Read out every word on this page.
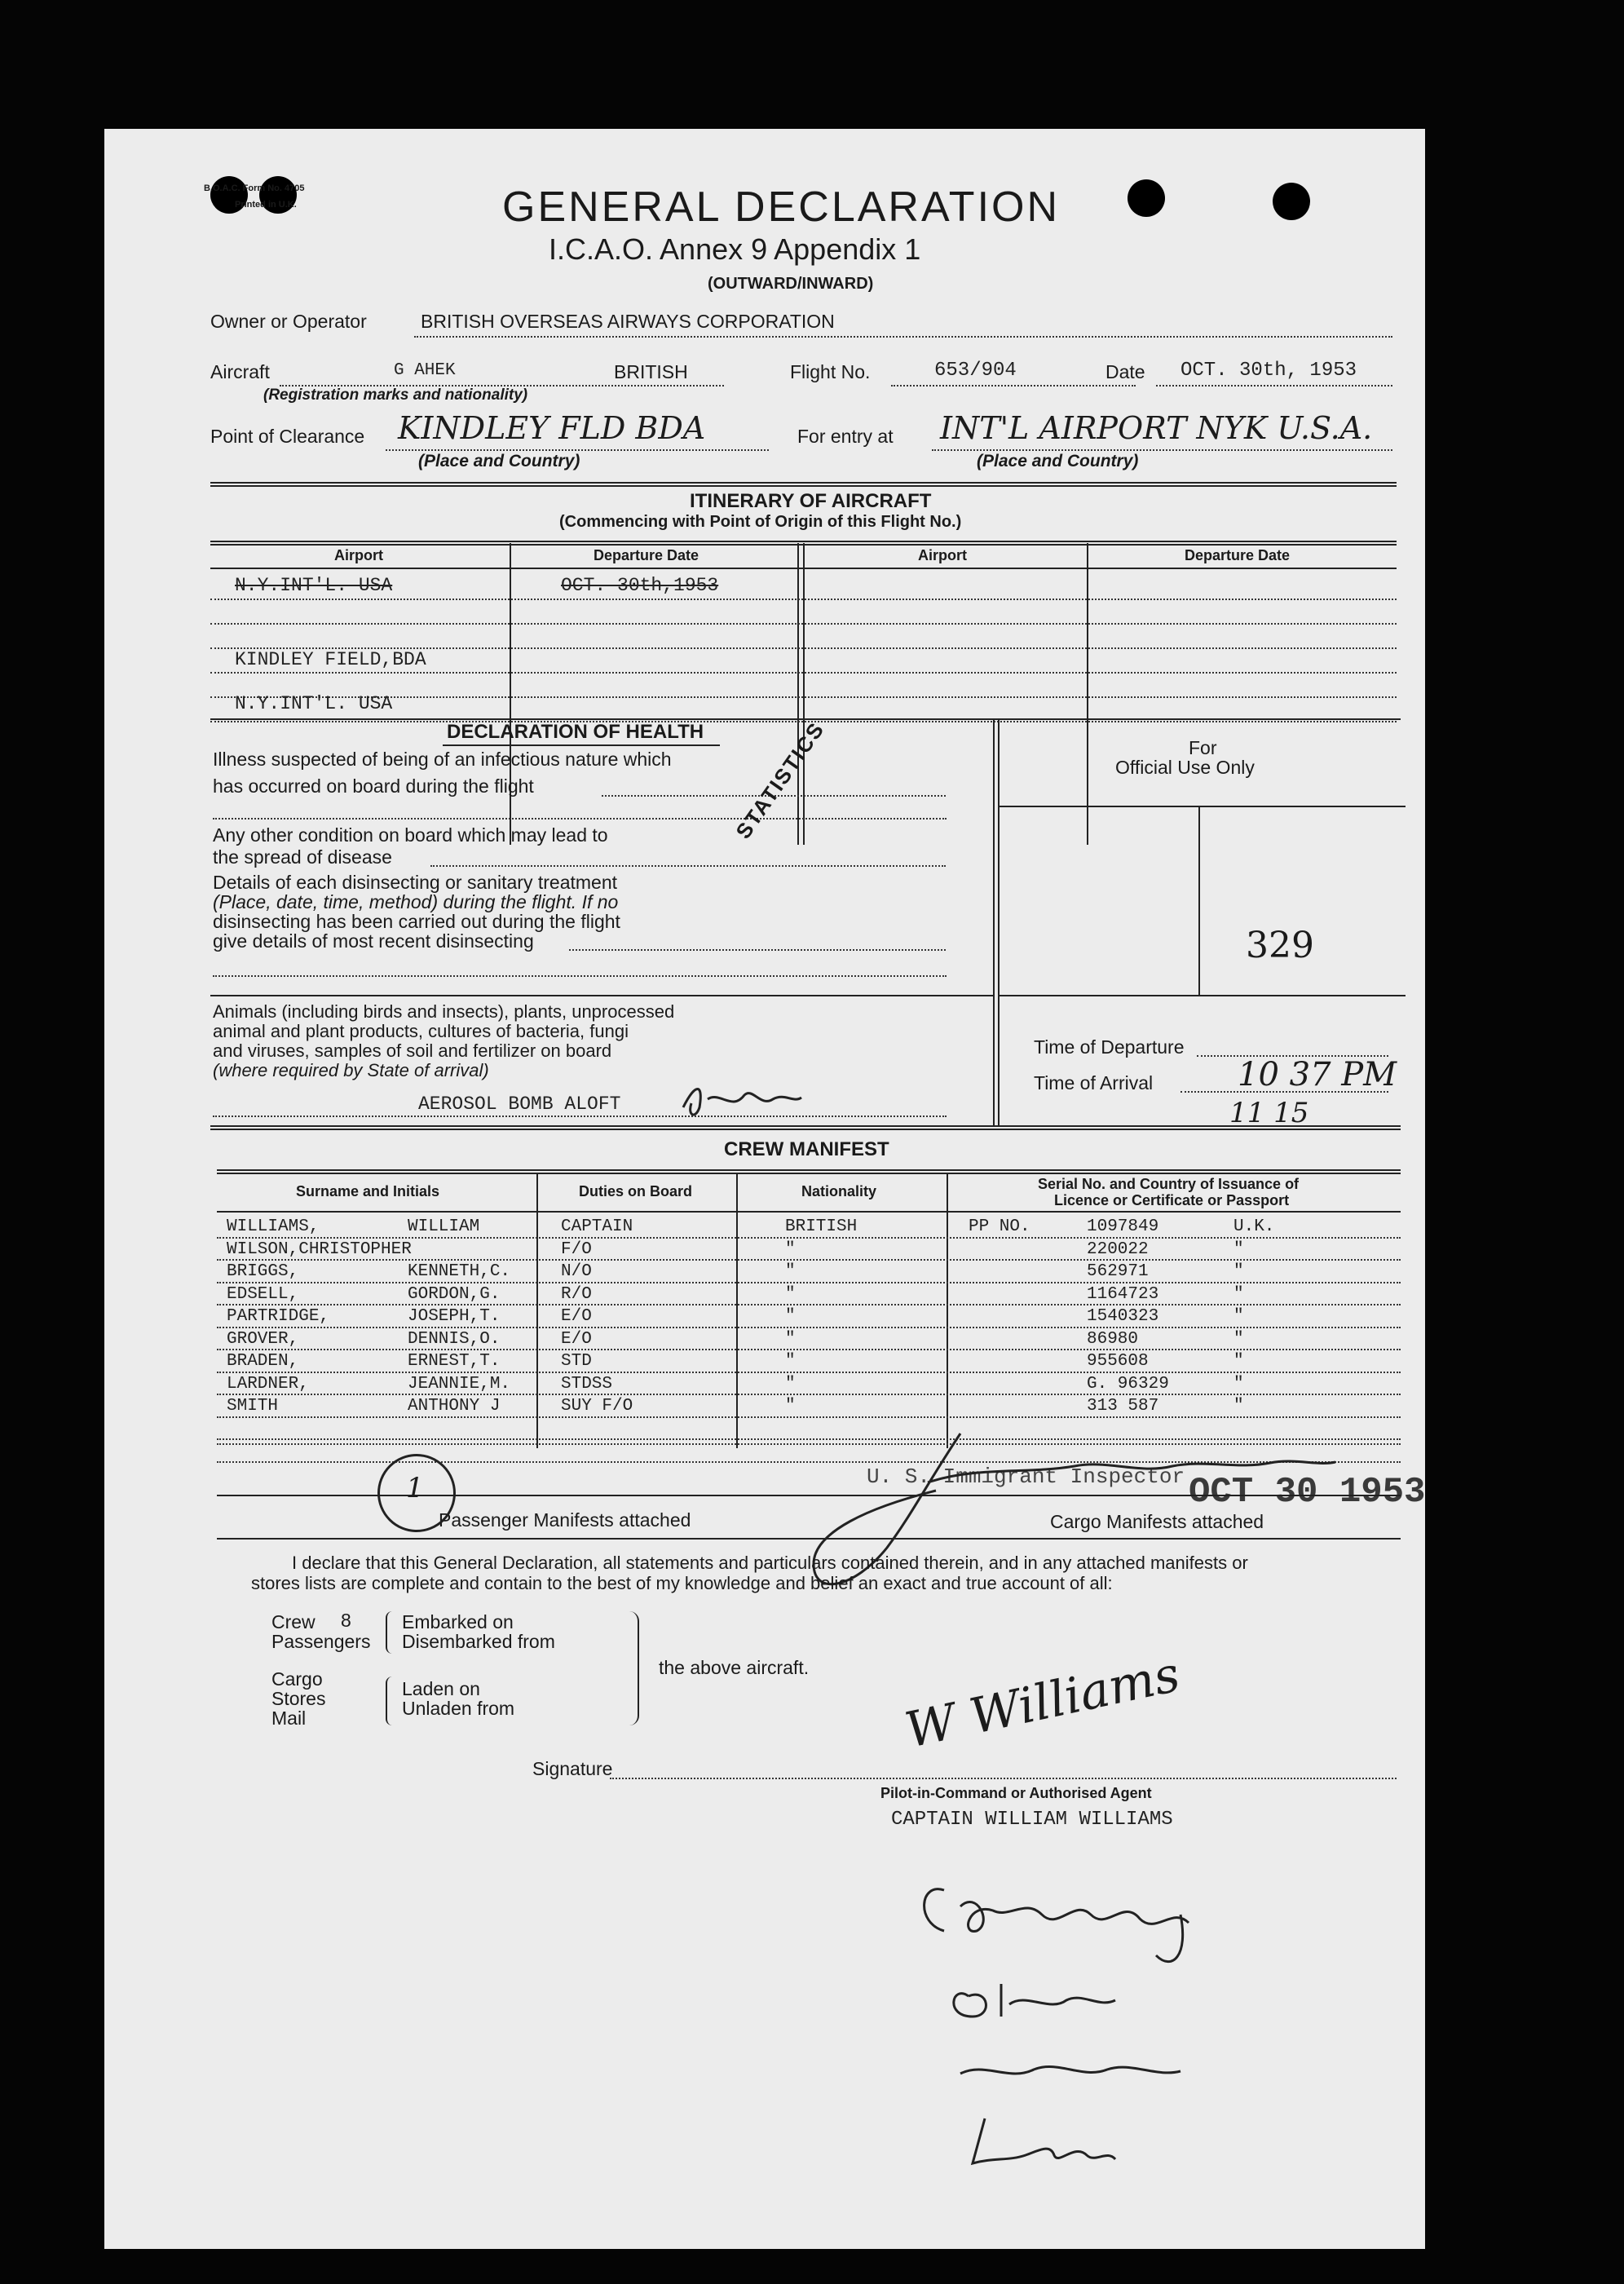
B.O.A.C. Form No. 4705
Printed in U.K.	GENERAL DECLARATION
I.C.A.O. Annex 9 Appendix 1
(OUTWARD/INWARD)
Owner or Operator	BRITISH OVERSEAS AIRWAYS CORPORATION
Aircraft	G AHEK	BRITISH
(Registration marks and nationality)
Flight No.	653/904	Date OCT. 30th, 1953
Point of Clearance KINDLEY FLD BDA
(Place and Country)
For entry at INT'L AIRPORT NYK U.S.A.
(Place and Country)
ITINERARY OF AIRCRAFT
(Commencing with Point of Origin of this Flight No.)
Airport	Departure Date	Airport	Departure Date
N.Y.INT'L. USA	OCT. 30th,1953
KINDLEY FIELD,BDA
N.Y.INT'L. USA
DECLARATION OF HEALTH
Illness suspected of being of an infectious nature which
has occurred on board during the flight
Any other condition on board which may lead to
the spread of disease
Details of each disinsecting or sanitary treatment
(Place, date, time, method) during the flight. If no
disinsecting has been carried out during the flight
give details of most recent disinsecting
STATISTICS
Animals (including birds and insects), plants, unprocessed
animal and plant products, cultures of bacteria, fungi
and viruses, samples of soil and fertilizer on board
(where required by State of arrival)
AEROSOL BOMB ALOFT
For
Official Use Only
329
Time of Departure
Time of Arrival	10 37 PM
11 15
CREW MANIFEST
Surname and Initials	Duties on Board	Nationality	Serial No. and Country of Issuance of
Licence or Certificate or Passport
WILLIAMS,	WILLIAM	CAPTAIN	BRITISH	PP NO.	1097849	U.K.
WILSON,CHRISTOPHER	F/O	"	220022	"
BRIGGS,	KENNETH,C.	N/O	"	562971	"
EDSELL,	GORDON,G.	R/O	"	1164723	"
PARTRIDGE,	JOSEPH,T.	E/O	"	1540323	"
GROVER,	DENNIS,O.	E/O	"	86980	"
BRADEN,	ERNEST,T.	STD	"	955608	"
LARDNER,	JEANNIE,M.	STDSS	"	G. 96329	"
SMITH	ANTHONY J	SUY F/O	"	313 587	"
U. S. Immigrant Inspector OCT 30 1953
Passenger Manifests attached	Cargo Manifests attached
1
I declare that this General Declaration, all statements and particulars contained therein, and in any attached manifests or
stores lists are complete and contain to the best of my knowledge and belief an exact and true account of all:
Crew 8
Passengers
Embarked on
Disembarked from
Cargo
Stores
Mail
Laden on
Unladen from
the above aircraft.
Signature
W Williams
Pilot-in-Command or Authorised Agent
CAPTAIN WILLIAM WILLIAMS
